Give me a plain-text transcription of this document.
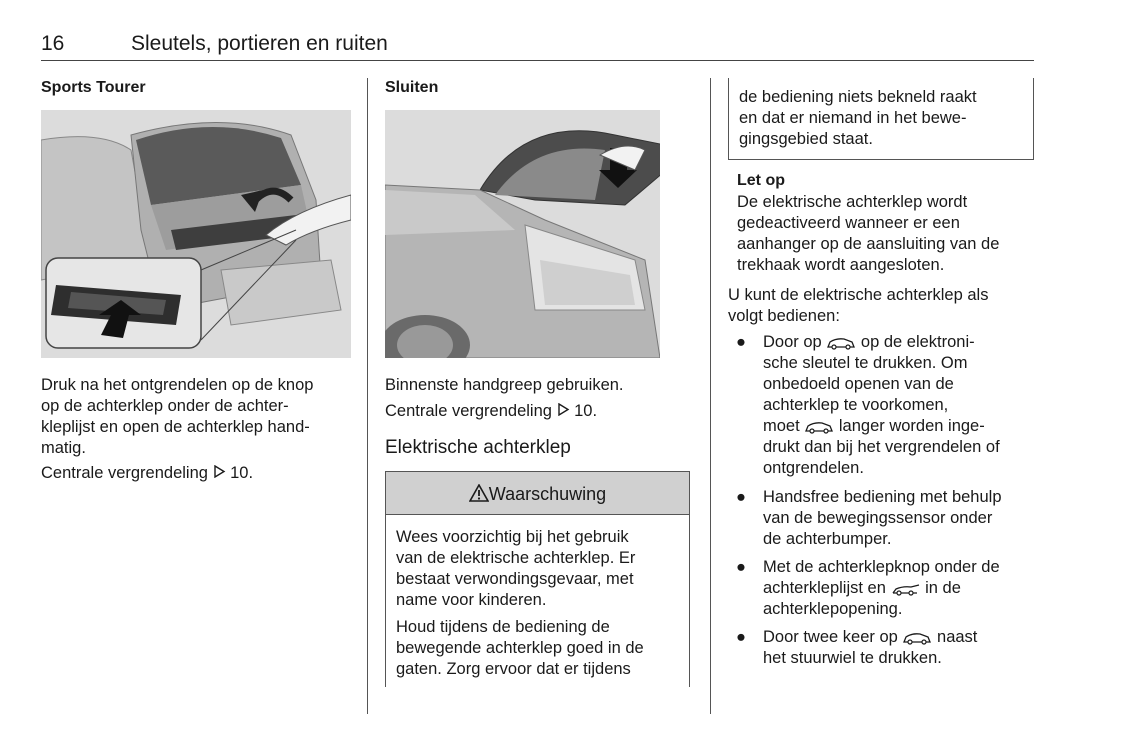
16	Sleutels, portieren en ruiten
Sports Tourer

Druk na het ontgrendelen op de knop
op de achterklep onder de achter-
kleplijst en open de achterklep hand-
matig.

Centrale vergrendeling 10.

Sluiten

Binnenste handgreep gebruiken.

Centrale vergrendeling 10.

Elektrische achterklep
Waarschuwing

Wees voorzichtig bij het gebruik
van de elektrische achterklep. Er
bestaat verwondingsgevaar, met
name voor kinderen.

Houd tijdens de bediening de
bewegende achterklep goed in de
gaten. Zorg ervoor dat er tijdens

de bediening niets bekneld raakt
en dat er niemand in het bewe-
gingsgebied staat.

Let op

De elektrische achterklep wordt
gedeactiveerd wanneer er een
aanhanger op de aansluiting van de
trekhaak wordt aangesloten.

U kunt de elektrische achterklep als
volgt bedienen:

● Door op op de elektroni-
sche sleutel te drukken. Om
onbedoeld openen van de
achterklep te voorkomen,
moet langer worden inge-
drukt dan bij het vergrendelen of
ontgrendelen.

● Handsfree bediening met behulp
van de bewegingssensor onder
de achterbumper.

● Met de achterklepknop onder de
achterkleplijst en in de
achterklepopening.

● Door twee keer op naast
het stuurwiel te drukken.
